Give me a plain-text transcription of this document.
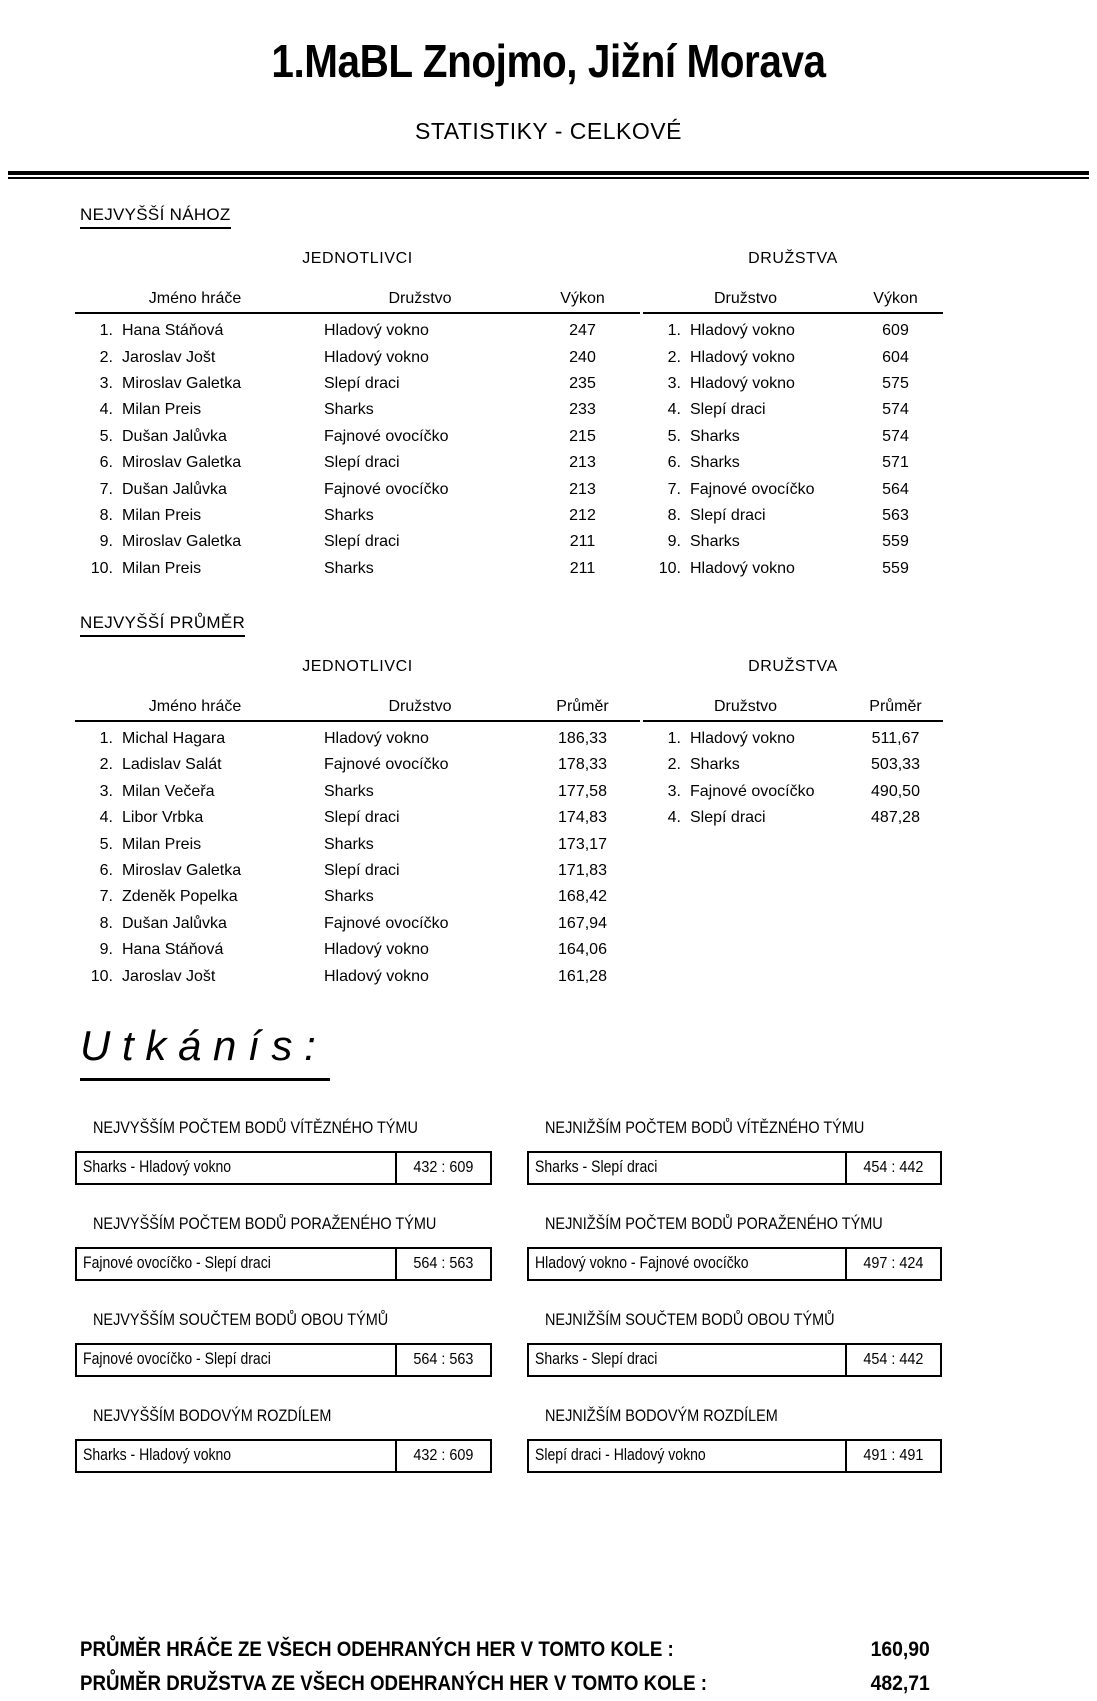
1.MaBL Znojmo, Jižní Morava
STATISTIKY - CELKOVÉ
NEJVYŠŠÍ NÁHOZ
JEDNOTLIVCI
Jméno hráče	Družstvo	Výkon
1. Hana Stáňová	Hladový vokno	247
2. Jaroslav Jošt	Hladový vokno	240
3. Miroslav Galetka	Slepí draci	235
4. Milan Preis	Sharks	233
5. Dušan Jalůvka	Fajnové ovocíčko	215
6. Miroslav Galetka	Slepí draci	213
7. Dušan Jalůvka	Fajnové ovocíčko	213
8. Milan Preis	Sharks	212
9. Miroslav Galetka	Slepí draci	211
10. Milan Preis	Sharks	211
DRUŽSTVA
Družstvo	Výkon
1. Hladový vokno	609
2. Hladový vokno	604
3. Hladový vokno	575
4. Slepí draci	574
5. Sharks	574
6. Sharks	571
7. Fajnové ovocíčko	564
8. Slepí draci	563
9. Sharks	559
10. Hladový vokno	559
NEJVYŠŠÍ PRŮMĚR
JEDNOTLIVCI
Jméno hráče	Družstvo	Průměr
1. Michal Hagara	Hladový vokno	186,33
2. Ladislav Salát	Fajnové ovocíčko	178,33
3. Milan Večeřa	Sharks	177,58
4. Libor Vrbka	Slepí draci	174,83
5. Milan Preis	Sharks	173,17
6. Miroslav Galetka	Slepí draci	171,83
7. Zdeněk Popelka	Sharks	168,42
8. Dušan Jalůvka	Fajnové ovocíčko	167,94
9. Hana Stáňová	Hladový vokno	164,06
10. Jaroslav Jošt	Hladový vokno	161,28
DRUŽSTVA
Družstvo	Průměr
1. Hladový vokno	511,67
2. Sharks	503,33
3. Fajnové ovocíčko	490,50
4. Slepí draci	487,28
U t k á n í s :
NEJVYŠŠÍM POČTEM BODŮ VÍTĚZNÉHO TÝMU
Sharks - Hladový vokno	432 : 609
NEJNIŽŠÍM POČTEM BODŮ VÍTĚZNÉHO TÝMU
Sharks - Slepí draci	454 : 442
NEJVYŠŠÍM POČTEM BODŮ PORAŽENÉHO TÝMU
Fajnové ovocíčko - Slepí draci	564 : 563
NEJNIŽŠÍM POČTEM BODŮ PORAŽENÉHO TÝMU
Hladový vokno - Fajnové ovocíčko	497 : 424
NEJVYŠŠÍM SOUČTEM BODŮ OBOU TÝMŮ
Fajnové ovocíčko - Slepí draci	564 : 563
NEJNIŽŠÍM SOUČTEM BODŮ OBOU TÝMŮ
Sharks - Slepí draci	454 : 442
NEJVYŠŠÍM BODOVÝM ROZDÍLEM
Sharks - Hladový vokno	432 : 609
NEJNIŽŠÍM BODOVÝM ROZDÍLEM
Slepí draci - Hladový vokno	491 : 491
PRŮMĚR HRÁČE ZE VŠECH ODEHRANÝCH HER V TOMTO KOLE :	160,90
PRŮMĚR DRUŽSTVA ZE VŠECH ODEHRANÝCH HER V TOMTO KOLE :	482,71
